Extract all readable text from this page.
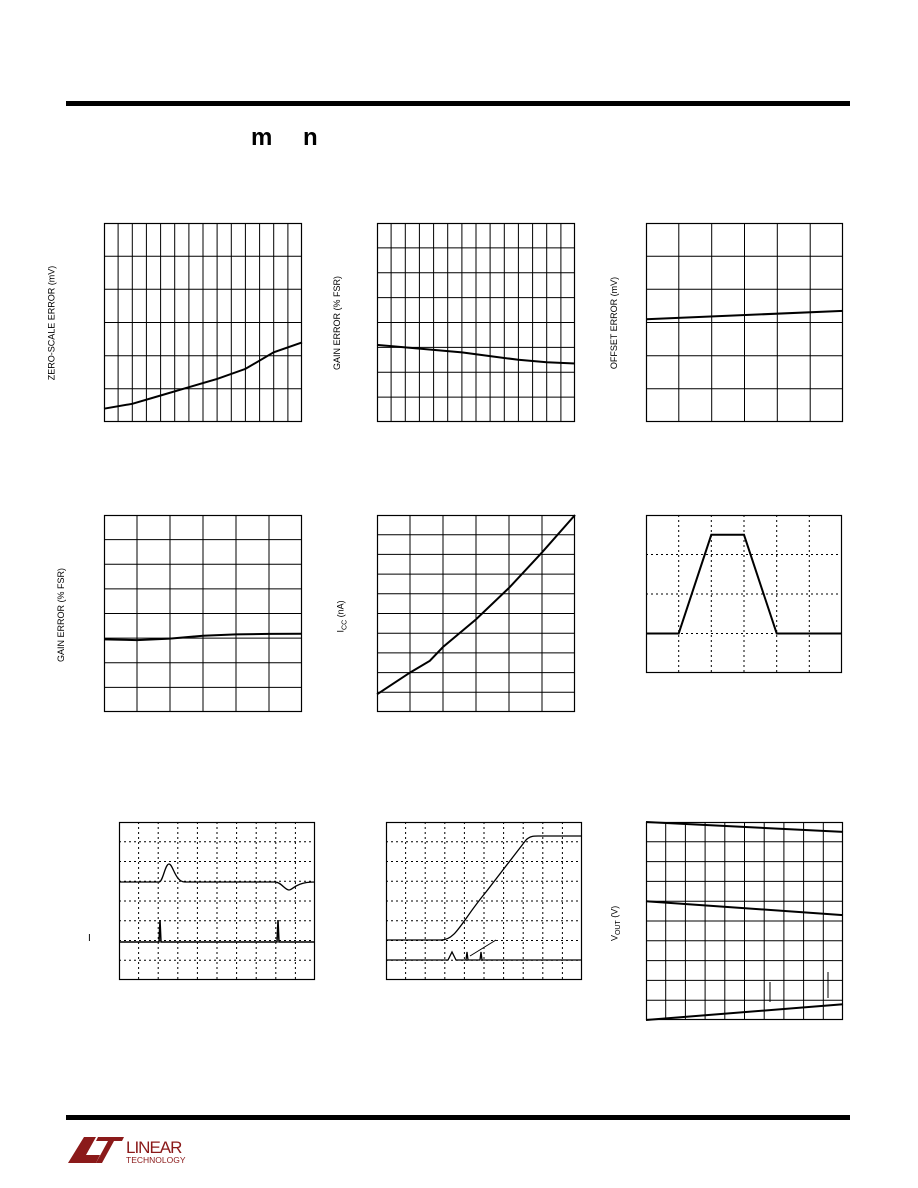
m n
ZERO-SCALE ERROR (mV)	GAIN ERROR (% FSR)	OFFSET ERROR (mV)
GAIN ERROR (% FSR)	$I_{CC}$ (nA)
I	$V_{OUT}$ (V)
LINEAR
TECHNOLOGY
